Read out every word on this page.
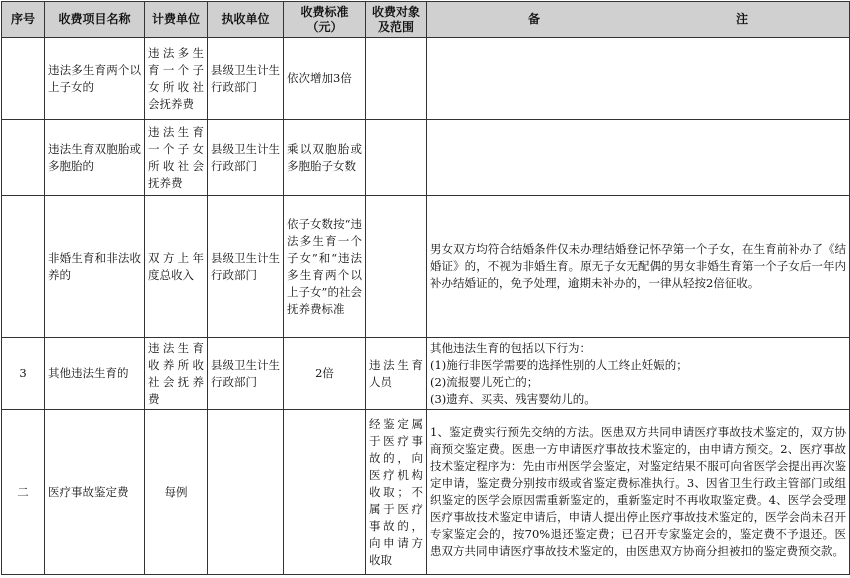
序号	收费项目名称	计费单位	执收单位	收费标准（元）	收费对象及范围	备 注
	违法多生育两个以上子女的	违法多生育一个子女所收社会抚养费	县级卫生计生行政部门	依次增加3倍		
	违法生育双胞胎或多胞胎的	违法生育一个子女所收社会抚养费	县级卫生计生行政部门	乘以双胞胎或多胞胎子女数		
	非婚生育和非法收养的	双方上年度总收入	县级卫生计生行政部门	依子女数按“违法多生育一个子女”和“违法多生育两个以上子女”的社会抚养费标准		男女双方均符合结婚条件仅未办理结婚登记怀孕第一个子女，在生育前补办了《结婚证》的，不视为非婚生育。原无子女无配偶的男女非婚生育第一个子女后一年内补办结婚证的，免予处理，逾期未补办的，一律从轻按2倍征收。
3	其他违法生育的	违法生育收养所收社会抚养费	县级卫生计生行政部门	2倍	违法生育人员	其他违法生育的包括以下行为：
(1)施行非医学需要的选择性别的人工终止妊娠的；
(2)流报婴儿死亡的；
(3)遗弃、买卖、残害婴幼儿的。
二	医疗事故鉴定费	每例			经鉴定属于医疗事故的，向医疗机构收取；不属于医疗事故的，向申请方收取	1、鉴定费实行预先交纳的方法。医患双方共同申请医疗事故技术鉴定的，双方协商预交鉴定费。医患一方申请医疗事故技术鉴定的，由申请方预交。2、医疗事故技术鉴定程序为：先由市州医学会鉴定，对鉴定结果不服可向省医学会提出再次鉴定申请，鉴定费分别按市级或省鉴定费标准执行。3、因省卫生行政主管部门或组织鉴定的医学会原因需重新鉴定的，重新鉴定时不再收取鉴定费。4、医学会受理医疗事故技术鉴定申请后，申请人提出停止医疗事故技术鉴定的，医学会尚未召开专家鉴定会的，按70%退还鉴定费；已召开专家鉴定会的，鉴定费不予退还。医患双方共同申请医疗事故技术鉴定的，由医患双方协商分担被扣的鉴定费预交款。
